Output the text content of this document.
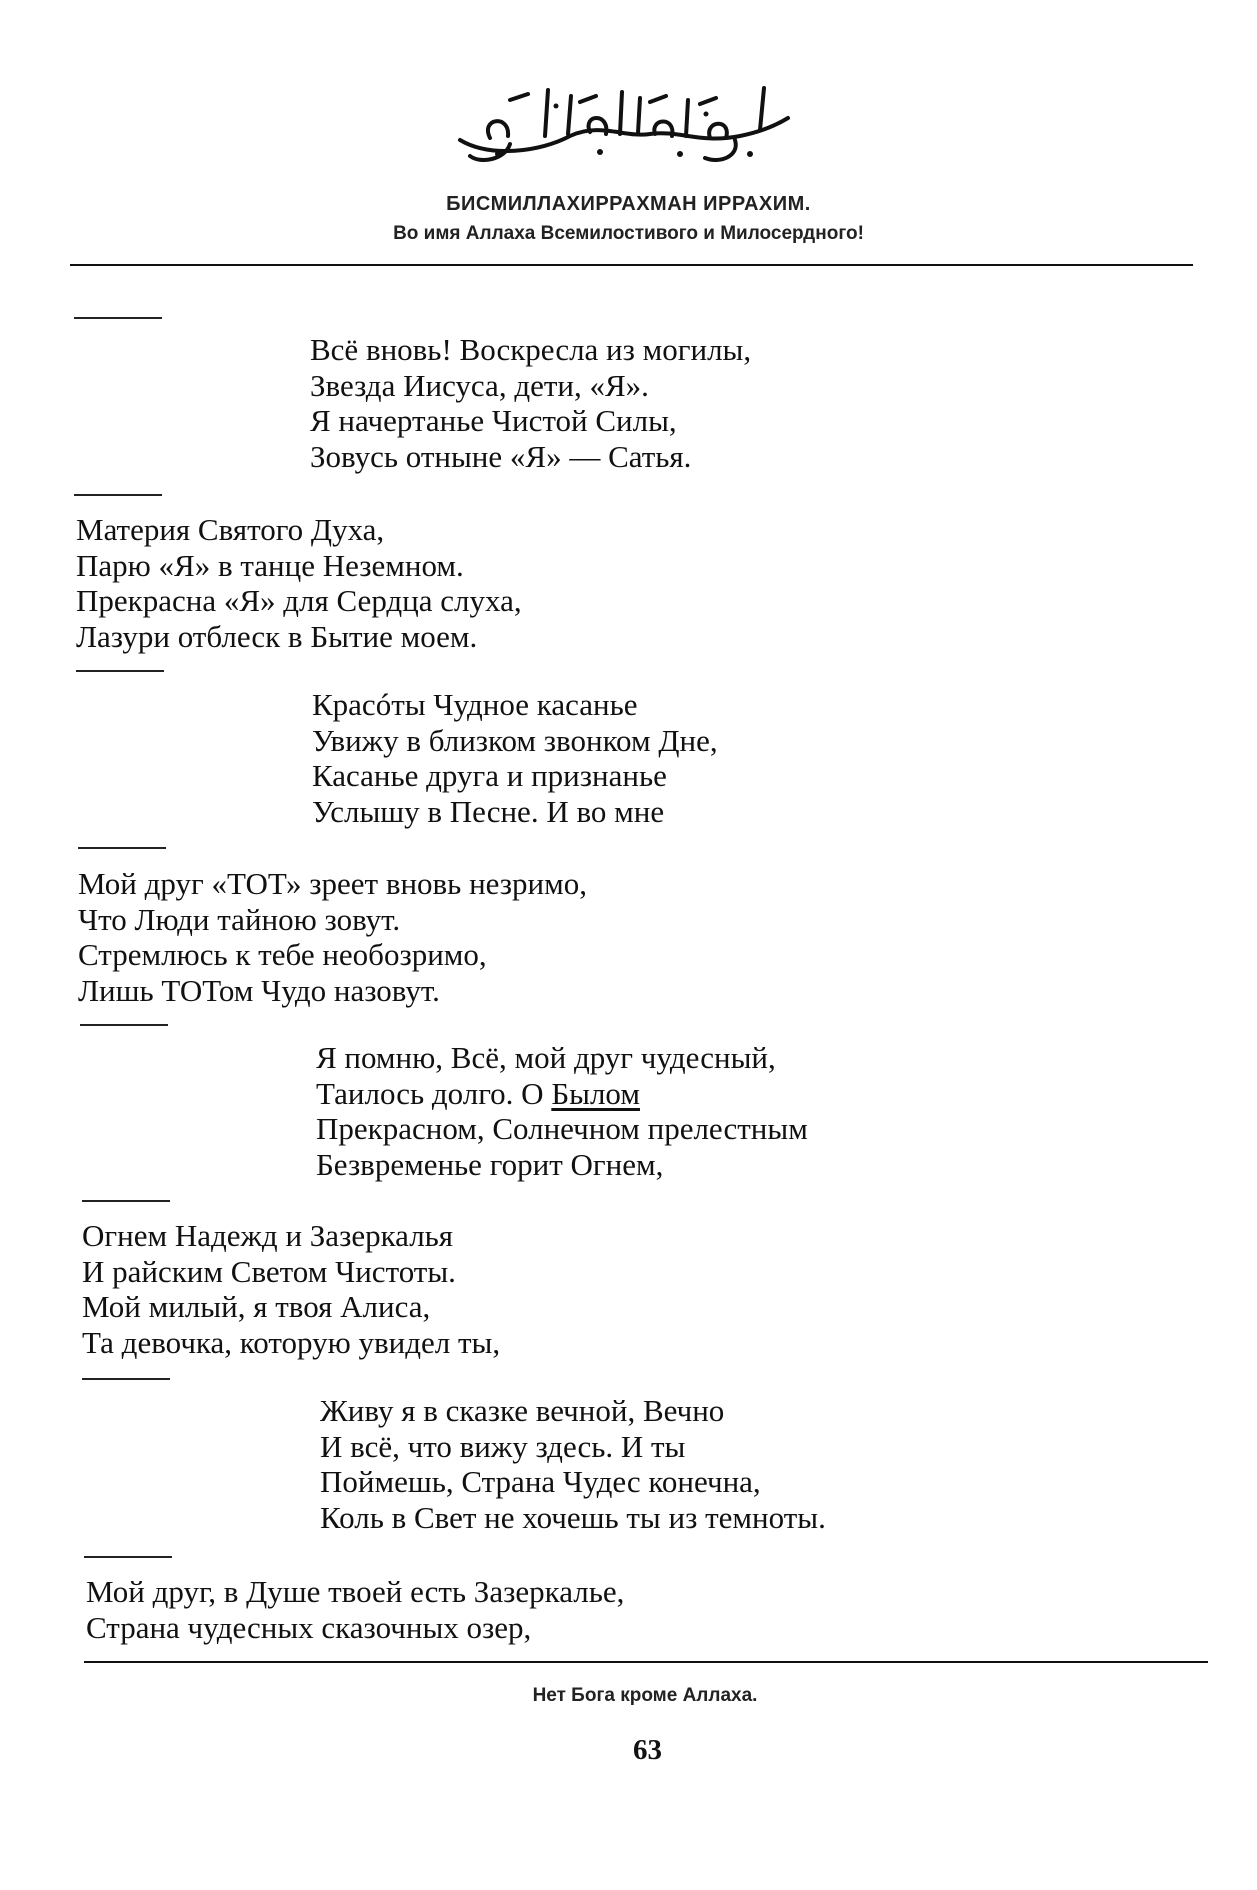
БИСМИЛЛАХИРРАХМАН ИРРАХИМ.
Во имя Аллаха Всемилостивого и Милосердного!
Всё вновь! Воскресла из могилы,
Звезда Иисуса, дети, «Я».
Я начертанье Чистой Силы,
Зовусь отныне «Я» — Сатья.
Материя Святого Духа,
Парю «Я» в танце Неземном.
Прекрасна «Я» для Сердца слуха,
Лазури отблеск в Бытие моем.
Красóты Чудное касанье
Увижу в близком звонком Дне,
Касанье друга и признанье
Услышу в Песне. И во мне
Мой друг «ТОТ» зреет вновь незримо,
Что Люди тайною зовут.
Стремлюсь к тебе необозримо,
Лишь ТОТом Чудо назовут.
Я помню, Всё, мой друг чудесный,
Таилось долго. О Былом
Прекрасном, Солнечном прелестным
Безвременье горит Огнем,
Огнем Надежд и Зазеркалья
И райским Светом Чистоты.
Мой милый, я твоя Алиса,
Та девочка, которую увидел ты,
Живу я в сказке вечной, Вечно
И всё, что вижу здесь. И ты
Поймешь, Страна Чудес конечна,
Коль в Свет не хочешь ты из темноты.
Мой друг, в Душе твоей есть Зазеркалье,
Страна чудесных сказочных озер,
Нет Бога кроме Аллаха.
63
